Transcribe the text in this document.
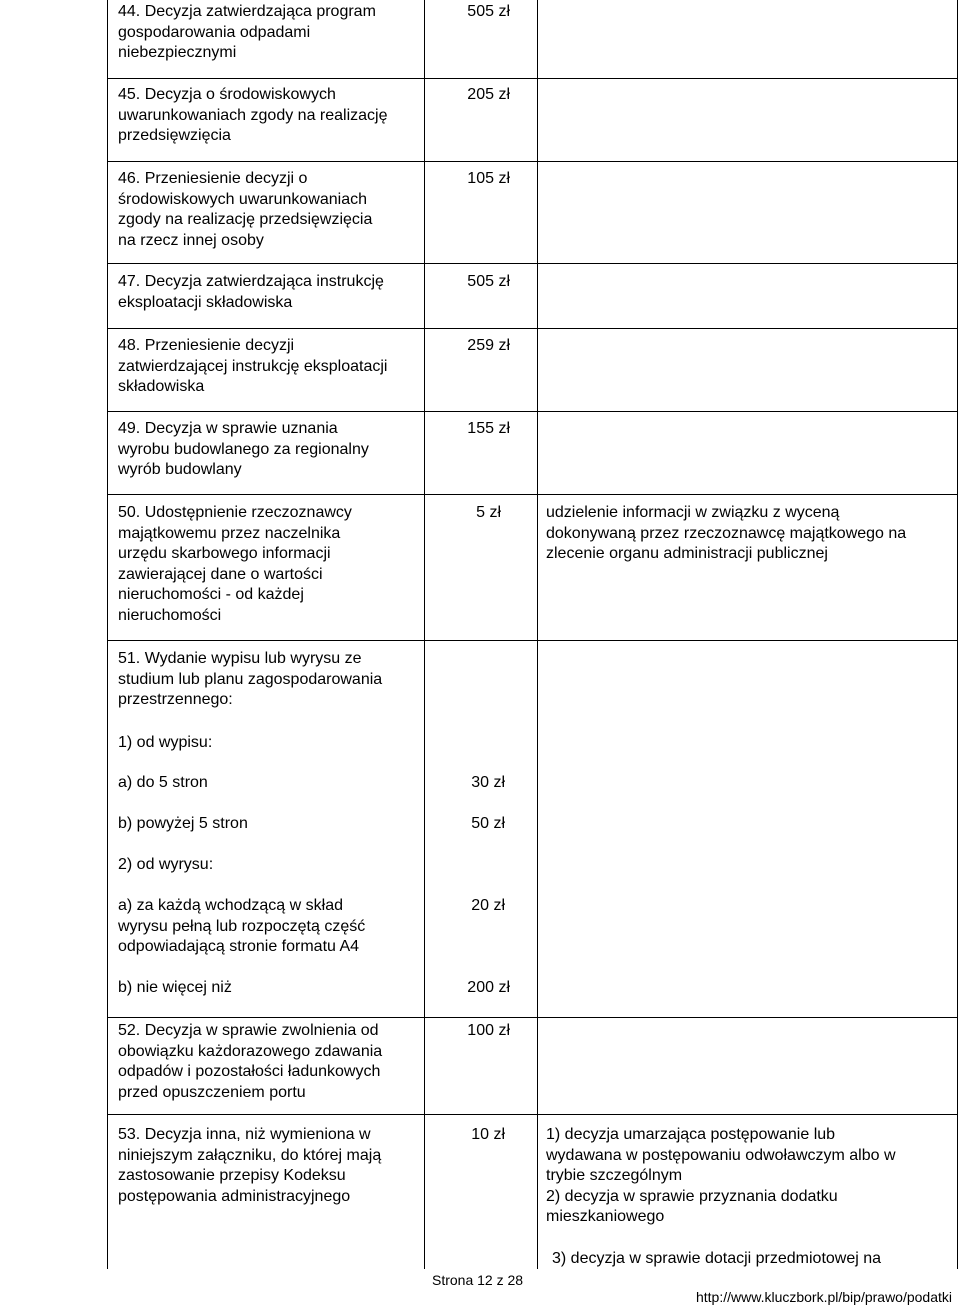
44. Decyzja zatwierdzająca program
gospodarowania odpadami
niebezpiecznymi
45. Decyzja o środowiskowych
uwarunkowaniach zgody na realizację
przedsięwzięcia
46. Przeniesienie decyzji o
środowiskowych uwarunkowaniach
zgody na realizację przedsięwzięcia
na rzecz innej osoby
47. Decyzja zatwierdzająca instrukcję
eksploatacji składowiska
48. Przeniesienie decyzji
zatwierdzającej instrukcję eksploatacji
składowiska
49. Decyzja w sprawie uznania
wyrobu budowlanego za regionalny
wyrób budowlany
50. Udostępnienie rzeczoznawcy
majątkowemu przez naczelnika
urzędu skarbowego informacji
zawierającej dane o wartości
nieruchomości - od każdej
nieruchomości
51. Wydanie wypisu lub wyrysu ze
studium lub planu zagospodarowania
przestrzennego:
1) od wypisu:
a) do 5 stron
b) powyżej 5 stron
2) od wyrysu:
a) za każdą wchodzącą w skład
wyrysu pełną lub rozpoczętą część
odpowiadającą stronie formatu A4
b) nie więcej niż
52. Decyzja w sprawie zwolnienia od
obowiązku każdorazowego zdawania
odpadów i pozostałości ładunkowych
przed opuszczeniem portu
53. Decyzja inna, niż wymieniona w
niniejszym załączniku, do której mają
zastosowanie przepisy Kodeksu
postępowania administracyjnego
505 zł
205 zł
105 zł
505 zł
259 zł
155 zł
5 zł
30 zł
50 zł
20 zł
200 zł
100 zł
10 zł
udzielenie informacji w związku z wyceną
dokonywaną przez rzeczoznawcę majątkowego na
zlecenie organu administracji publicznej
1) decyzja umarzająca postępowanie lub
wydawana w postępowaniu odwoławczym albo w
trybie szczególnym
2) decyzja w sprawie przyznania dodatku
mieszkaniowego
3) decyzja w sprawie dotacji przedmiotowej na
Strona 12 z 28
http://www.kluczbork.pl/bip/prawo/podatki
